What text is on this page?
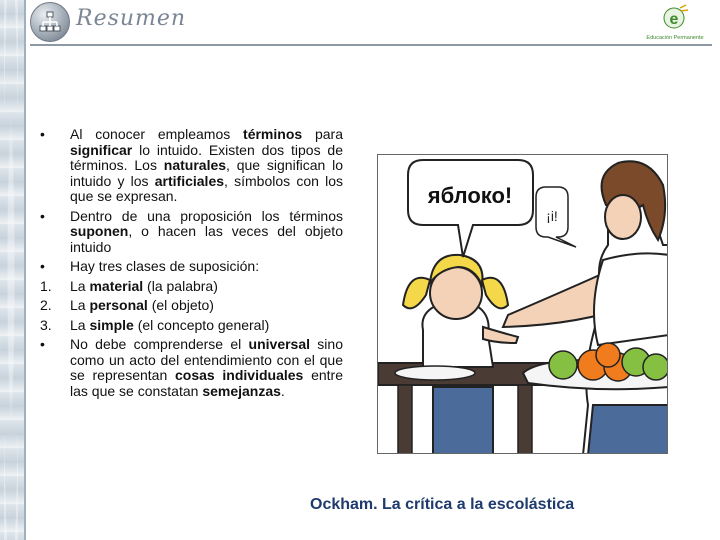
Resumen	e
Educación Permanente
•	Al conocer empleamos términos para significar lo intuido. Existen dos tipos de términos. Los naturales, que significan lo intuido y los artificiales, símbolos con los que se expresan.
•	Dentro de una proposición los términos suponen, o hacen las veces del objeto intuido
•	Hay tres clases de suposición:
1.	La material (la palabra)
2.	La personal (el objeto)
3.	La simple (el concepto general)
•	No debe comprenderse el universal sino como un acto del entendimiento con el que se representan cosas individuales entre las que se constatan semejanzas.
яблоко!
¡i!
Ockham. La crítica a la escolástica
